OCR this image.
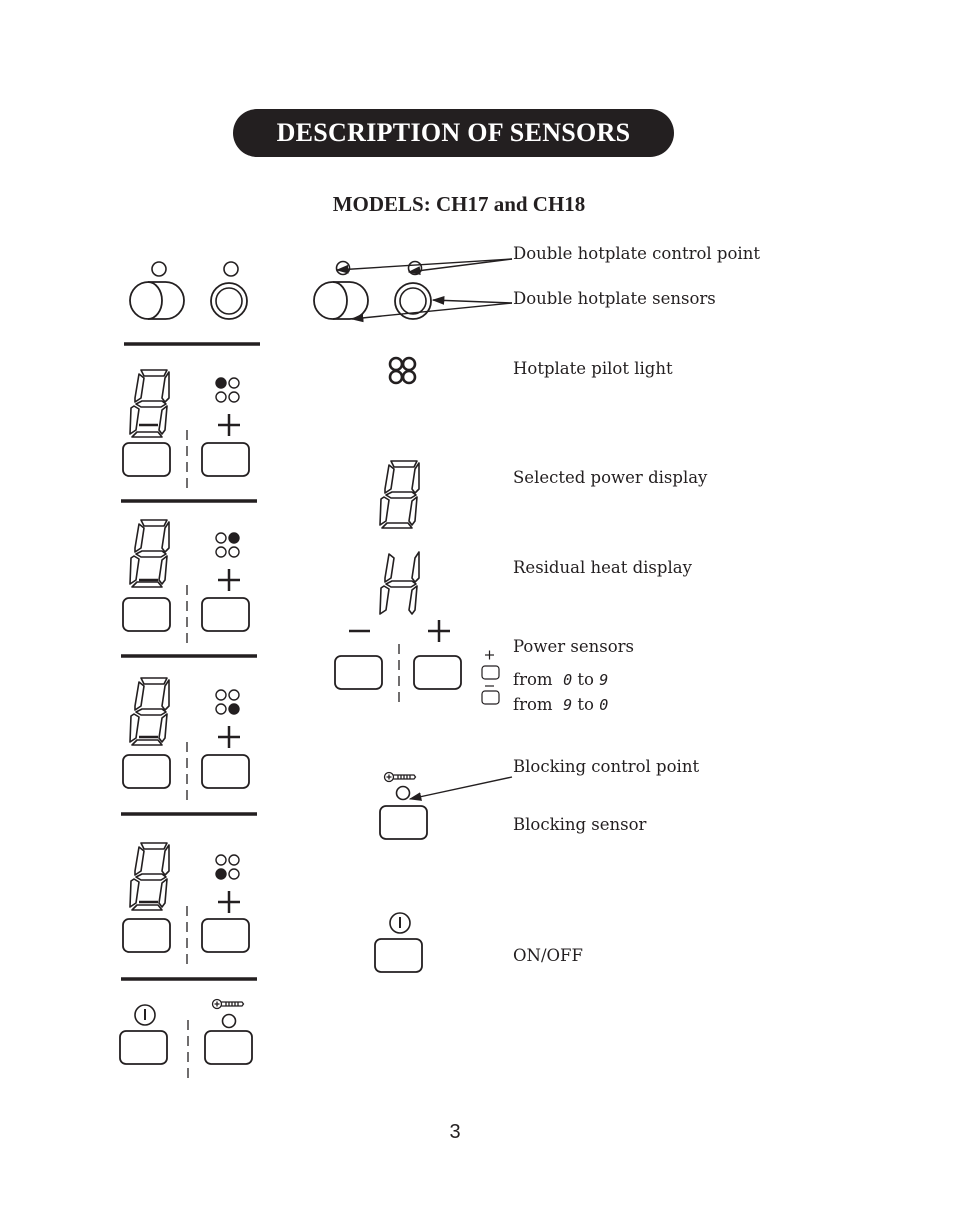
DESCRIPTION OF SENSORS
MODELS: CH17 and CH18
Double hotplate control point
Double hotplate sensors
Hotplate pilot light
Selected power display
Residual heat display
Power sensors
from 0 to 9
from 9 to 0
Blocking control point
Blocking sensor
ON/OFF
3
